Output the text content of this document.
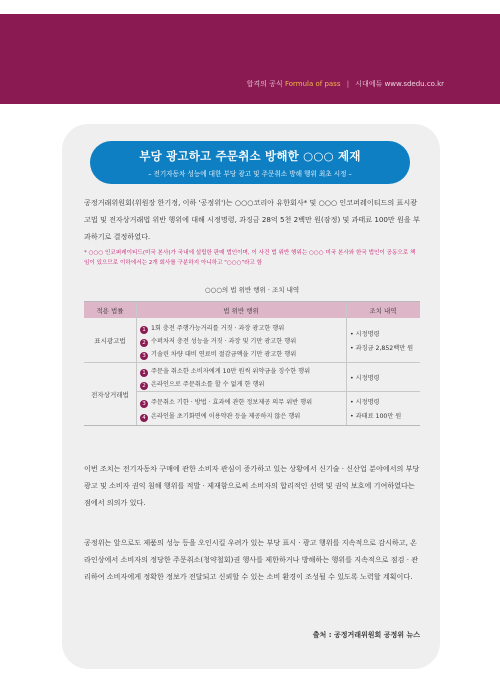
합격의 공식 Formula of pass | 시대에듀 www.sdedu.co.kr
부당 광고하고 주문취소 방해한 ○○○ 제재
– 전기자동차 성능에 대한 부당 광고 및 주문취소 방해 행위 최초 시정 –
공정거래위원회(위원장 한기정, 이하 '공정위')는 ○○○코리아 유한회사* 및 ○○○ 인코퍼레이티드의 표시광고법 및 전자상거래법 위반 행위에 대해 시정명령, 과징금 28억 5천 2백만 원(잠정) 및 과태료 100만 원을 부과하기로 결정하였다.
* ○○○ 인코퍼레이티드(미국 본사)가 국내에 설립한 판매 법인이며, 이 사건 법 위반 행위는 ○○○ 미국 본사와 한국 법인이 공동으로 책임이 있으므로 이하에서는 2개 회사를 구분하지 아니하고 "○○○"라고 함
○○○의 법 위반 행위 · 조치 내역
적용 법률	법 위반 행위	조치 내역
표시광고법
전자상거래법
1 1회 충전 주행가능거리를 거짓 · 과장 광고한 행위
2 수퍼차저 충전 성능을 거짓 · 과장 및 기만 광고한 행위
3 기솔린 차량 대비 연료비 절감금액을 기만 광고한 행위
1 주문을 취소한 소비자에게 10만 원씩 위약금을 징수한 행위
2 온라인으로 주문취소를 할 수 없게 한 행위
3 주문취소 기한 · 방법 · 효과에 관한 정보제공 의무 위반 행위
4 온라인몰 초기화면에 이용약관 등을 제공하지 않은 행위
• 시정명령
• 과징금 2,852백만 원
• 시정명령
• 시정명령
• 과태료 100만 원
이번 조치는 전기자동차 구매에 관한 소비자 관심이 증가하고 있는 상황에서 신기술 · 신산업 분야에서의 부당 광고 및 소비자 권익 침해 행위를 적발 · 제재함으로써 소비자의 합리적인 선택 및 권익 보호에 기여하였다는 점에서 의의가 있다.
공정위는 앞으로도 제품의 성능 등을 오인시킬 우려가 있는 부당 표시 · 광고 행위를 지속적으로 감시하고, 온라인상에서 소비자의 정당한 주문취소(청약철회)권 행사를 제한하거나 방해하는 행위를 지속적으로 점검 · 관리하여 소비자에게 정확한 정보가 전달되고 신뢰할 수 있는 소비 환경이 조성될 수 있도록 노력할 계획이다.
출처 : 공정거래위원회 공정위 뉴스
